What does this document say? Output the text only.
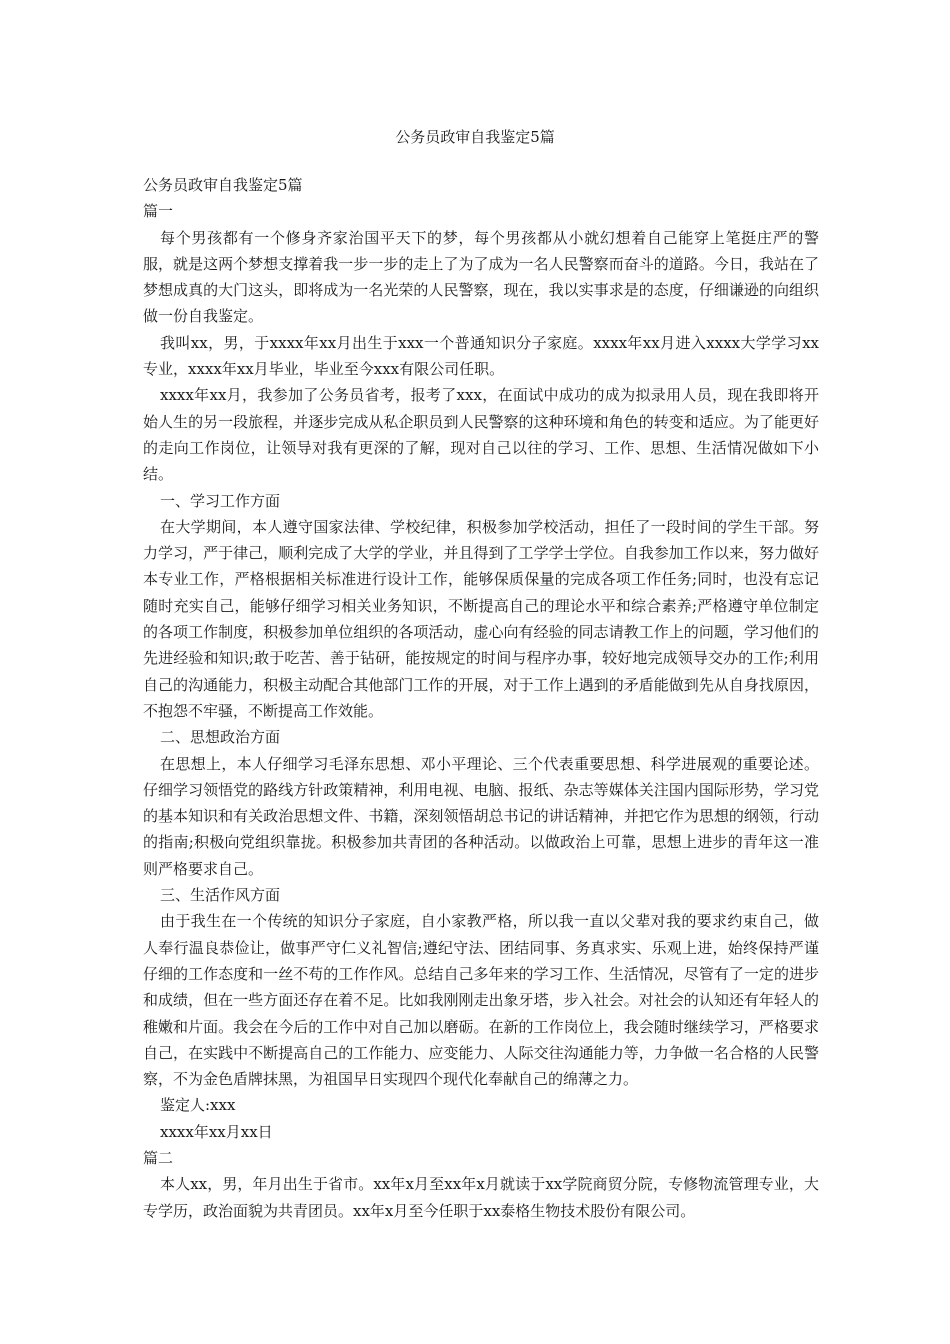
公务员政审自我鉴定5篇

公务员政审自我鉴定5篇

篇一

每个男孩都有一个修身齐家治国平天下的梦，每个男孩都从小就幻想着自己能穿上笔挺庄严的警服，就是这两个梦想支撑着我一步一步的走上了为了成为一名人民警察而奋斗的道路。今日，我站在了梦想成真的大门这头，即将成为一名光荣的人民警察，现在，我以实事求是的态度，仔细谦逊的向组织做一份自我鉴定。

我叫xx，男，于xxxx年xx月出生于xxx一个普通知识分子家庭。xxxx年xx月进入xxxx大学学习xx专业，xxxx年xx月毕业，毕业至今xxx有限公司任职。

xxxx年xx月，我参加了公务员省考，报考了xxx，在面试中成功的成为拟录用人员，现在我即将开始人生的另一段旅程，并逐步完成从私企职员到人民警察的这种环境和角色的转变和适应。为了能更好的走向工作岗位，让领导对我有更深的了解，现对自己以往的学习、工作、思想、生活情况做如下小结。

一、学习工作方面

在大学期间，本人遵守国家法律、学校纪律，积极参加学校活动，担任了一段时间的学生干部。努力学习，严于律己，顺利完成了大学的学业，并且得到了工学学士学位。自我参加工作以来，努力做好本专业工作，严格根据相关标准进行设计工作，能够保质保量的完成各项工作任务;同时，也没有忘记随时充实自己，能够仔细学习相关业务知识，不断提高自己的理论水平和综合素养;严格遵守单位制定的各项工作制度，积极参加单位组织的各项活动，虚心向有经验的同志请教工作上的问题，学习他们的先进经验和知识;敢于吃苦、善于钻研，能按规定的时间与程序办事，较好地完成领导交办的工作;利用自己的沟通能力，积极主动配合其他部门工作的开展，对于工作上遇到的矛盾能做到先从自身找原因，不抱怨不牢骚，不断提高工作效能。

二、思想政治方面

在思想上，本人仔细学习毛泽东思想、邓小平理论、三个代表重要思想、科学进展观的重要论述。仔细学习领悟党的路线方针政策精神，利用电视、电脑、报纸、杂志等媒体关注国内国际形势，学习党的基本知识和有关政治思想文件、书籍，深刻领悟胡总书记的讲话精神，并把它作为思想的纲领，行动的指南;积极向党组织靠拢。积极参加共青团的各种活动。以做政治上可靠，思想上进步的青年这一准则严格要求自己。

三、生活作风方面

由于我生在一个传统的知识分子家庭，自小家教严格，所以我一直以父辈对我的要求约束自己，做人奉行温良恭俭让，做事严守仁义礼智信;遵纪守法、团结同事、务真求实、乐观上进，始终保持严谨仔细的工作态度和一丝不苟的工作作风。总结自己多年来的学习工作、生活情况，尽管有了一定的进步和成绩，但在一些方面还存在着不足。比如我刚刚走出象牙塔，步入社会。对社会的认知还有年轻人的稚嫩和片面。我会在今后的工作中对自己加以磨砺。在新的工作岗位上，我会随时继续学习，严格要求自己，在实践中不断提高自己的工作能力、应变能力、人际交往沟通能力等，力争做一名合格的人民警察，不为金色盾牌抹黑，为祖国早日实现四个现代化奉献自己的绵薄之力。

鉴定人:xxx

xxxx年xx月xx日

篇二

本人xx，男，年月出生于省市。xx年x月至xx年x月就读于xx学院商贸分院，专修物流管理专业，大专学历，政治面貌为共青团员。xx年x月至今任职于xx泰格生物技术股份有限公司。
